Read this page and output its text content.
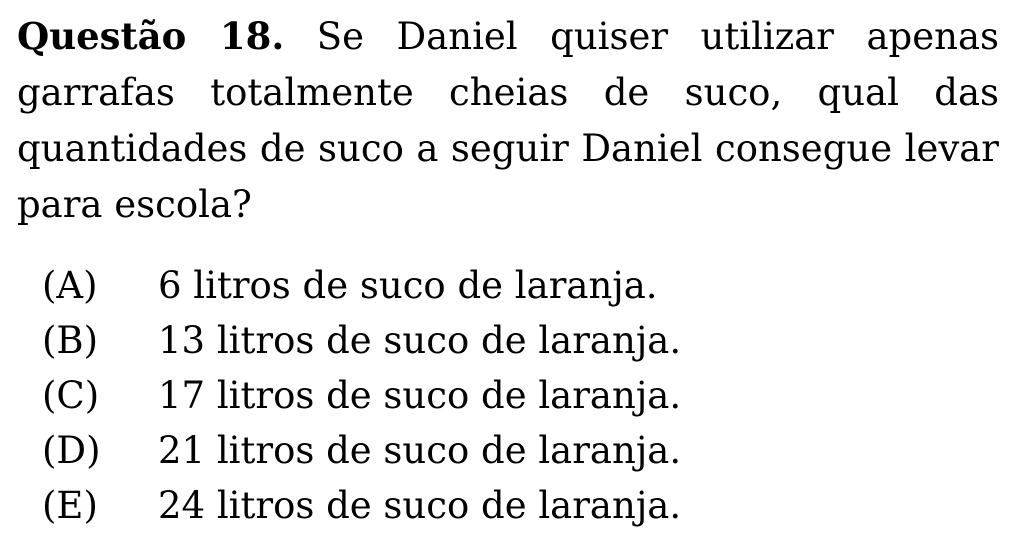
Questão 18. Se Daniel quiser utilizar apenas garrafas totalmente cheias de suco, qual das quantidades de suco a seguir Daniel consegue levar para escola?

(A)	6 litros de suco de laranja.
(B)	13 litros de suco de laranja.
(C)	17 litros de suco de laranja.
(D)	21 litros de suco de laranja.
(E)	24 litros de suco de laranja.
